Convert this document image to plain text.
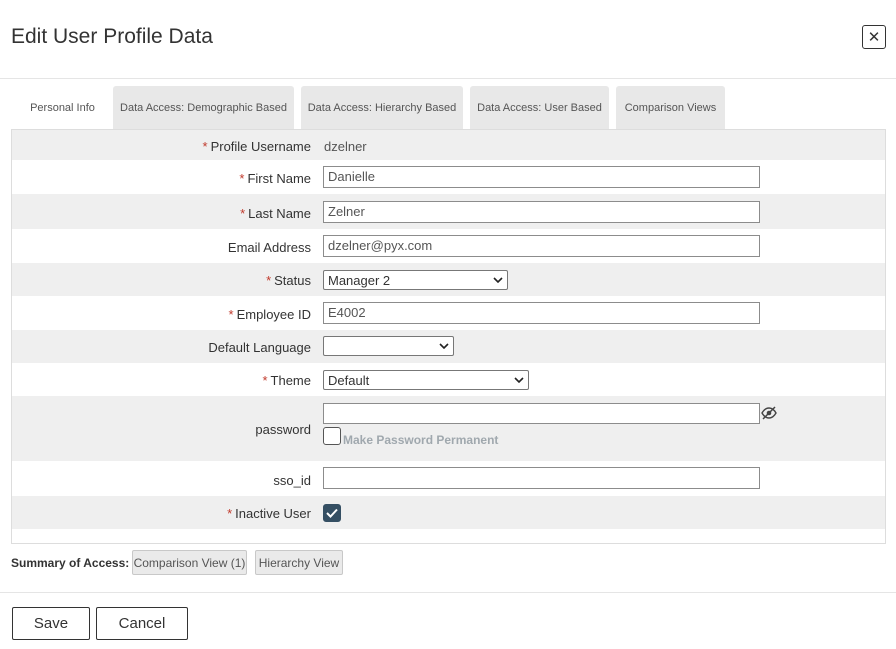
Edit User Profile Data	✕
Personal Info Data Access: Demographic Based Data Access: Hierarchy Based Data Access: User Based Comparison Views
* Profile Username dzelner
* First Name	Danielle
* Last Name	Zelner
Email Address	dzelner@pyx.com
* Status Manager 2
* Employee ID	E4002
Default Language
* Theme Default
password
Make Password Permanent
sso_id
* Inactive User
Summary of Access: Comparison View (1) Hierarchy View
Save	Cancel
